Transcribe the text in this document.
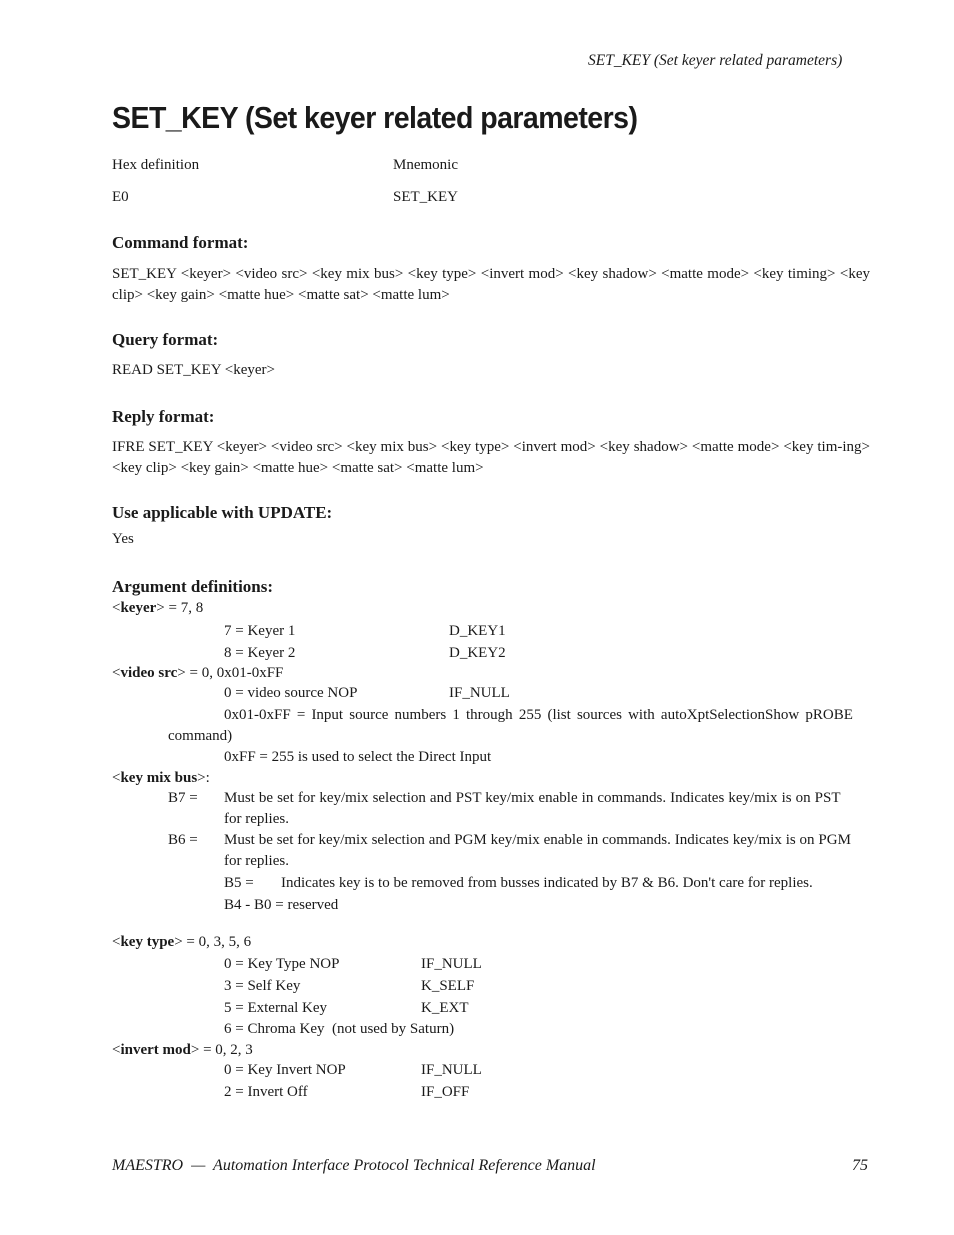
SET_KEY (Set keyer related parameters)
SET_KEY (Set keyer related parameters)
Hex definition	Mnemonic
E0	SET_KEY
Command format:
SET_KEY <keyer> <video src> <key mix bus> <key type> <invert mod> <key shadow> <matte mode> <key timing> <key clip> <key gain> <matte hue> <matte sat> <matte lum>
Query format:
READ SET_KEY <keyer>
Reply format:
IFRE SET_KEY <keyer> <video src> <key mix bus> <key type> <invert mod> <key shadow> <matte mode> <key tim-ing> <key clip> <key gain> <matte hue> <matte sat> <matte lum>
Use applicable with UPDATE:
Yes
Argument definitions:
<keyer> = 7, 8
7 = Keyer 1	D_KEY1
8 = Keyer 2	D_KEY2
<video src> = 0, 0x01-0xFF
0 = video source NOP	IF_NULL
0x01-0xFF = Input source numbers 1 through 255 (list sources with autoXptSelectionShow pROBE
command)
0xFF = 255 is used to select the Direct Input
<key mix bus>:
B7 = Must be set for key/mix selection and PST key/mix enable in commands. Indicates key/mix is on PST
for replies.
B6 = Must be set for key/mix selection and PGM key/mix enable in commands. Indicates key/mix is on PGM
for replies.
B5 = Indicates key is to be removed from busses indicated by B7 & B6. Don't care for replies.
B4 - B0 = reserved
<key type> = 0, 3, 5, 6
0 = Key Type NOP	IF_NULL
3 = Self Key	K_SELF
5 = External Key	K_EXT
6 = Chroma Key  (not used by Saturn)
<invert mod> = 0, 2, 3
0 = Key Invert NOP	IF_NULL
2 = Invert Off	IF_OFF
MAESTRO  —  Automation Interface Protocol Technical Reference Manual	75
